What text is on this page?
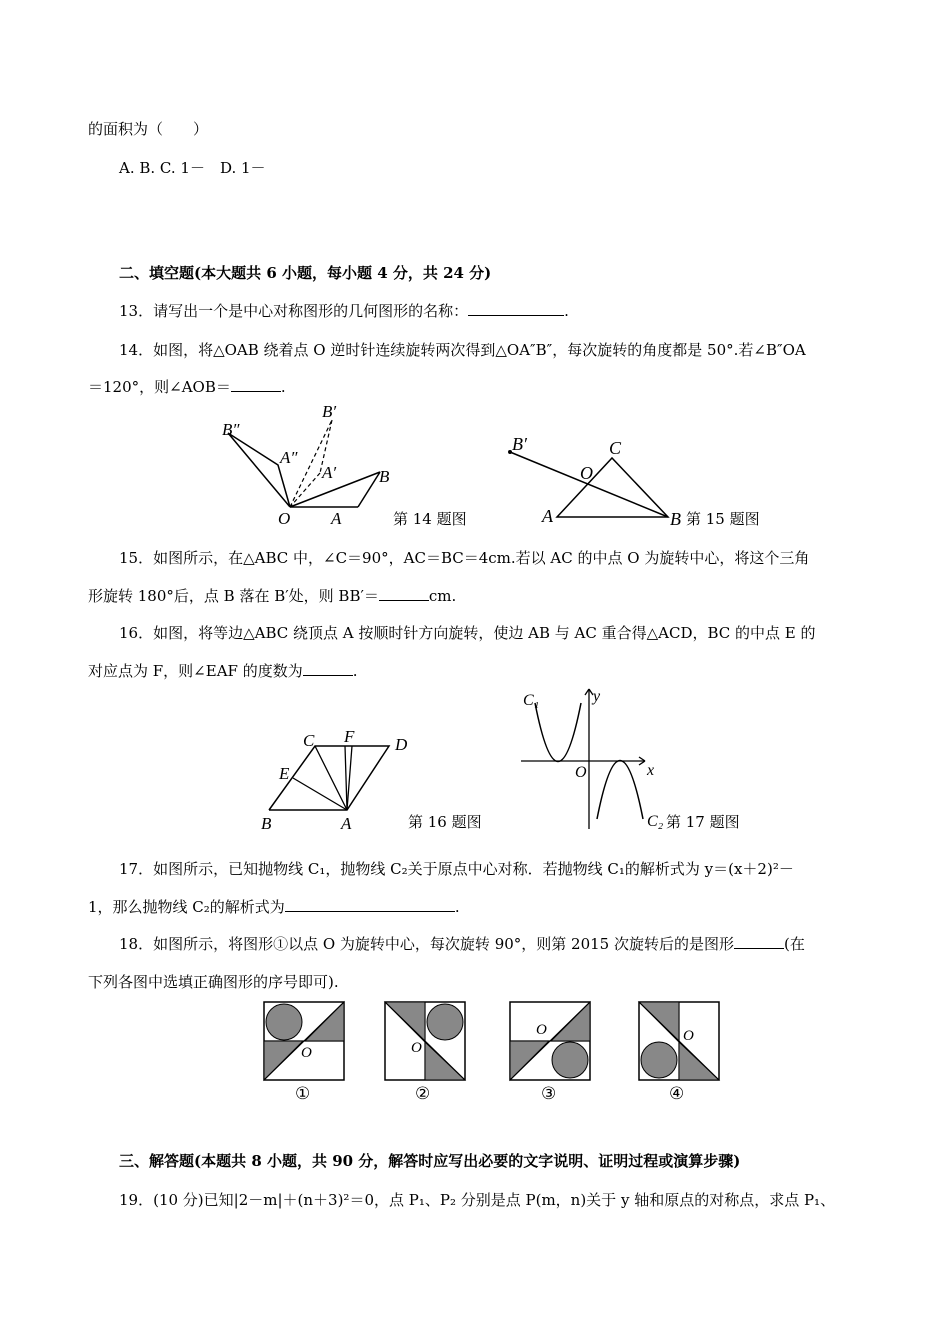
的面积为（　　）
A. B. C. 1－　D. 1－
二、填空题(本大题共 6 小题，每小题 4 分，共 24 分)
13．请写出一个是中心对称图形的几何图形的名称：	.
14．如图，将△OAB 绕着点 O 逆时针连续旋转两次得到△OA″B″，每次旋转的角度都是 50°.若∠B″OA
＝120°，则∠AOB＝	.
B″
A″
B′
A′	B
O A	第 14 题图
B′	C
O
A	B 第 15 题图
15．如图所示，在△ABC 中，∠C＝90°，AC＝BC＝4cm.若以 AC 的中点 O 为旋转中心，将这个三角
形旋转 180°后，点 B 落在 B′处，则 BB′＝	cm.
16．如图，将等边△ABC 绕顶点 A 按顺时针方向旋转，使边 AB 与 AC 重合得△ACD，BC 的中点 E 的
对应点为 F，则∠EAF 的度数为	.
C F D
E
B	A	第 16 题图
C₁	y
x
O
C₂ 第 17 题图
17．如图所示，已知抛物线 C₁，抛物线 C₂关于原点中心对称．若抛物线 C₁的解析式为 y＝(x＋2)²－
1，那么抛物线 C₂的解析式为	.
18．如图所示，将图形①以点 O 为旋转中心，每次旋转 90°，则第 2015 次旋转后的是图形	(在
下列各图中选填正确图形的序号即可).
O
①
O
②
O
③
O
④
三、解答题(本题共 8 小题，共 90 分，解答时应写出必要的文字说明、证明过程或演算步骤)
19．(10 分)已知|2－m|＋(n＋3)²＝0，点 P₁、P₂ 分别是点 P(m，n)关于 y 轴和原点的对称点，求点 P₁、
